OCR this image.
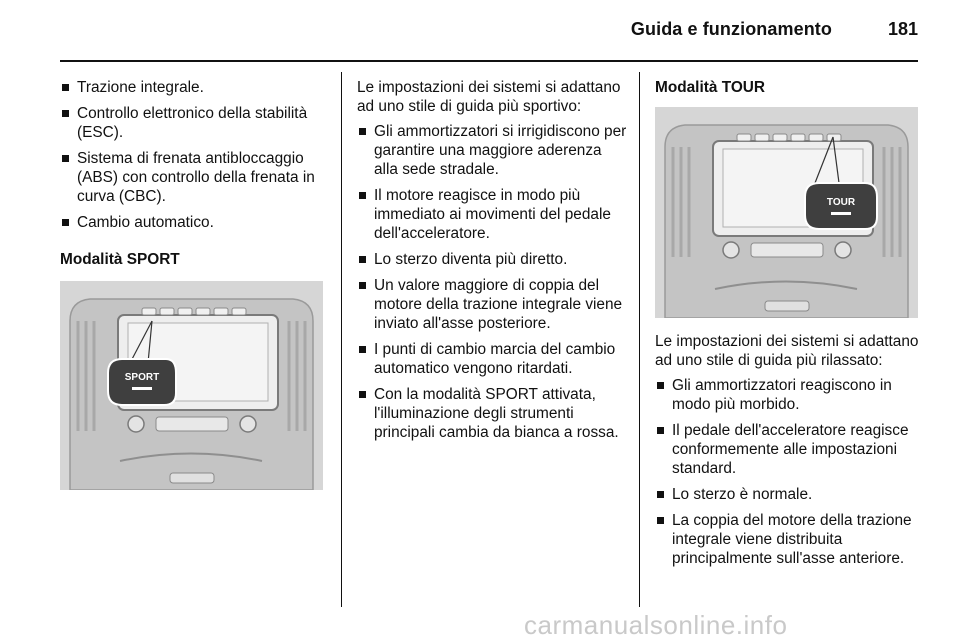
Guida e funzionamento	181
Trazione integrale.
Controllo elettronico della stabilità (ESC).
Sistema di frenata antibloccaggio (ABS) con controllo della frenata in curva (CBC).
Cambio automatico.

Modalità SPORT

SPORT

Le impostazioni dei sistemi si adattano ad uno stile di guida più sportivo:

Gli ammortizzatori si irrigidiscono per garantire una maggiore aderenza alla sede stradale.
Il motore reagisce in modo più immediato ai movimenti del pedale dell'acceleratore.
Lo sterzo diventa più diretto.
Un valore maggiore di coppia del motore della trazione integrale viene inviato all'asse posteriore.
I punti di cambio marcia del cambio automatico vengono ritardati.
Con la modalità SPORT attivata, l'illuminazione degli strumenti principali cambia da bianca a rossa.

Modalità TOUR

TOUR

Le impostazioni dei sistemi si adattano ad uno stile di guida più rilassato:

Gli ammortizzatori reagiscono in modo più morbido.
Il pedale dell'acceleratore reagisce conformemente alle impostazioni standard.
Lo sterzo è normale.
La coppia del motore della trazione integrale viene distribuita principalmente sull'asse anteriore.
carmanualsonline.info
